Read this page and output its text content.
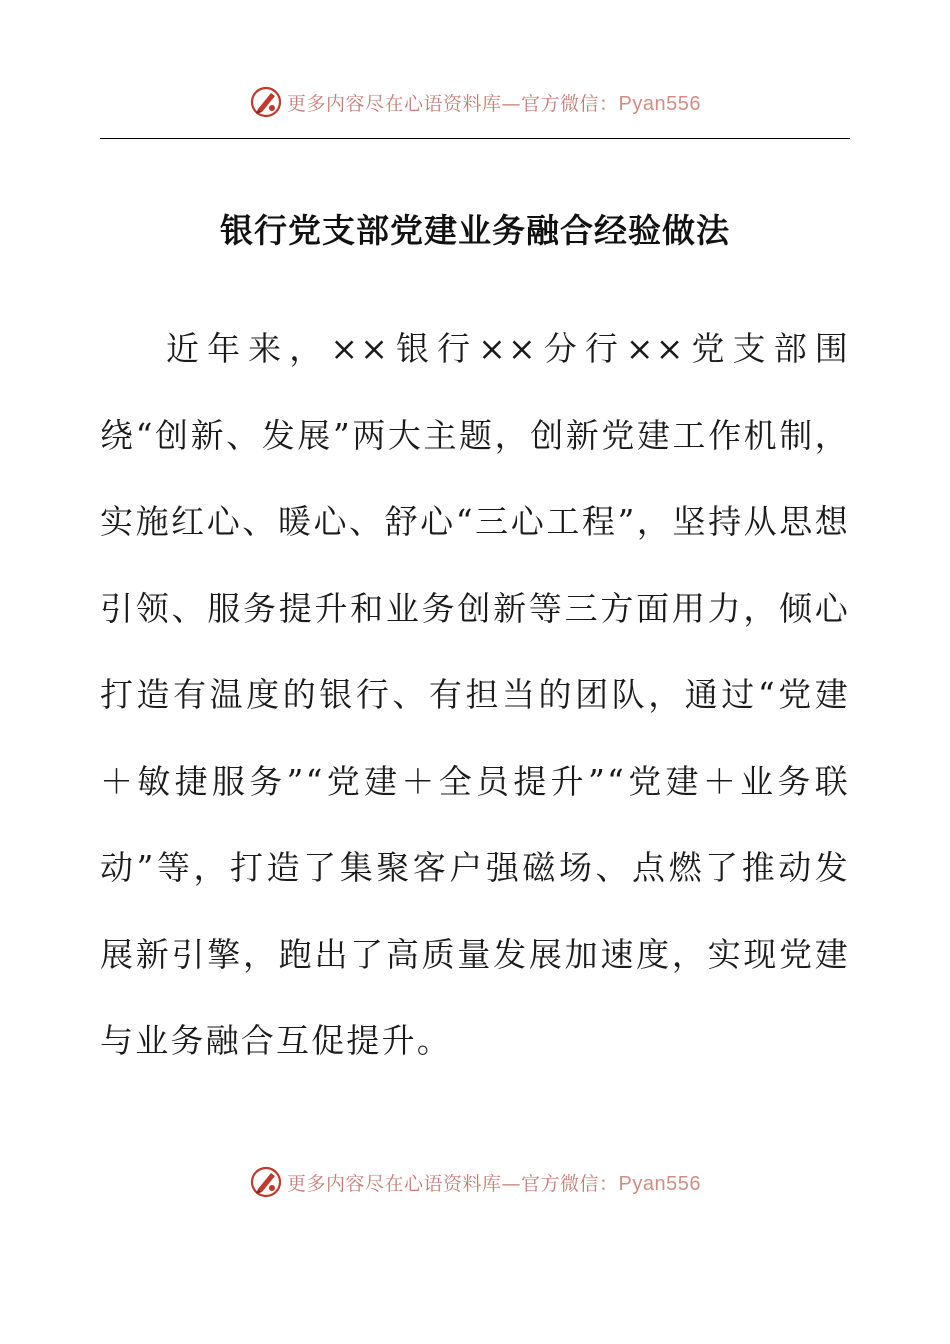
更多内容尽在心语资料库—官方微信：Pyan556
银行党支部党建业务融合经验做法

近年来，××银行××分行××党支部围绕“创新、发展”两大主题，创新党建工作机制，实施红心、暖心、舒心“三心工程”，坚持从思想引领、服务提升和业务创新等三方面用力，倾心打造有温度的银行、有担当的团队，通过“党建＋敏捷服务”“党建＋全员提升”“党建＋业务联动”等，打造了集聚客户强磁场、点燃了推动发展新引擎，跑出了高质量发展加速度，实现党建与业务融合互促提升。

更多内容尽在心语资料库—官方微信：Pyan556
